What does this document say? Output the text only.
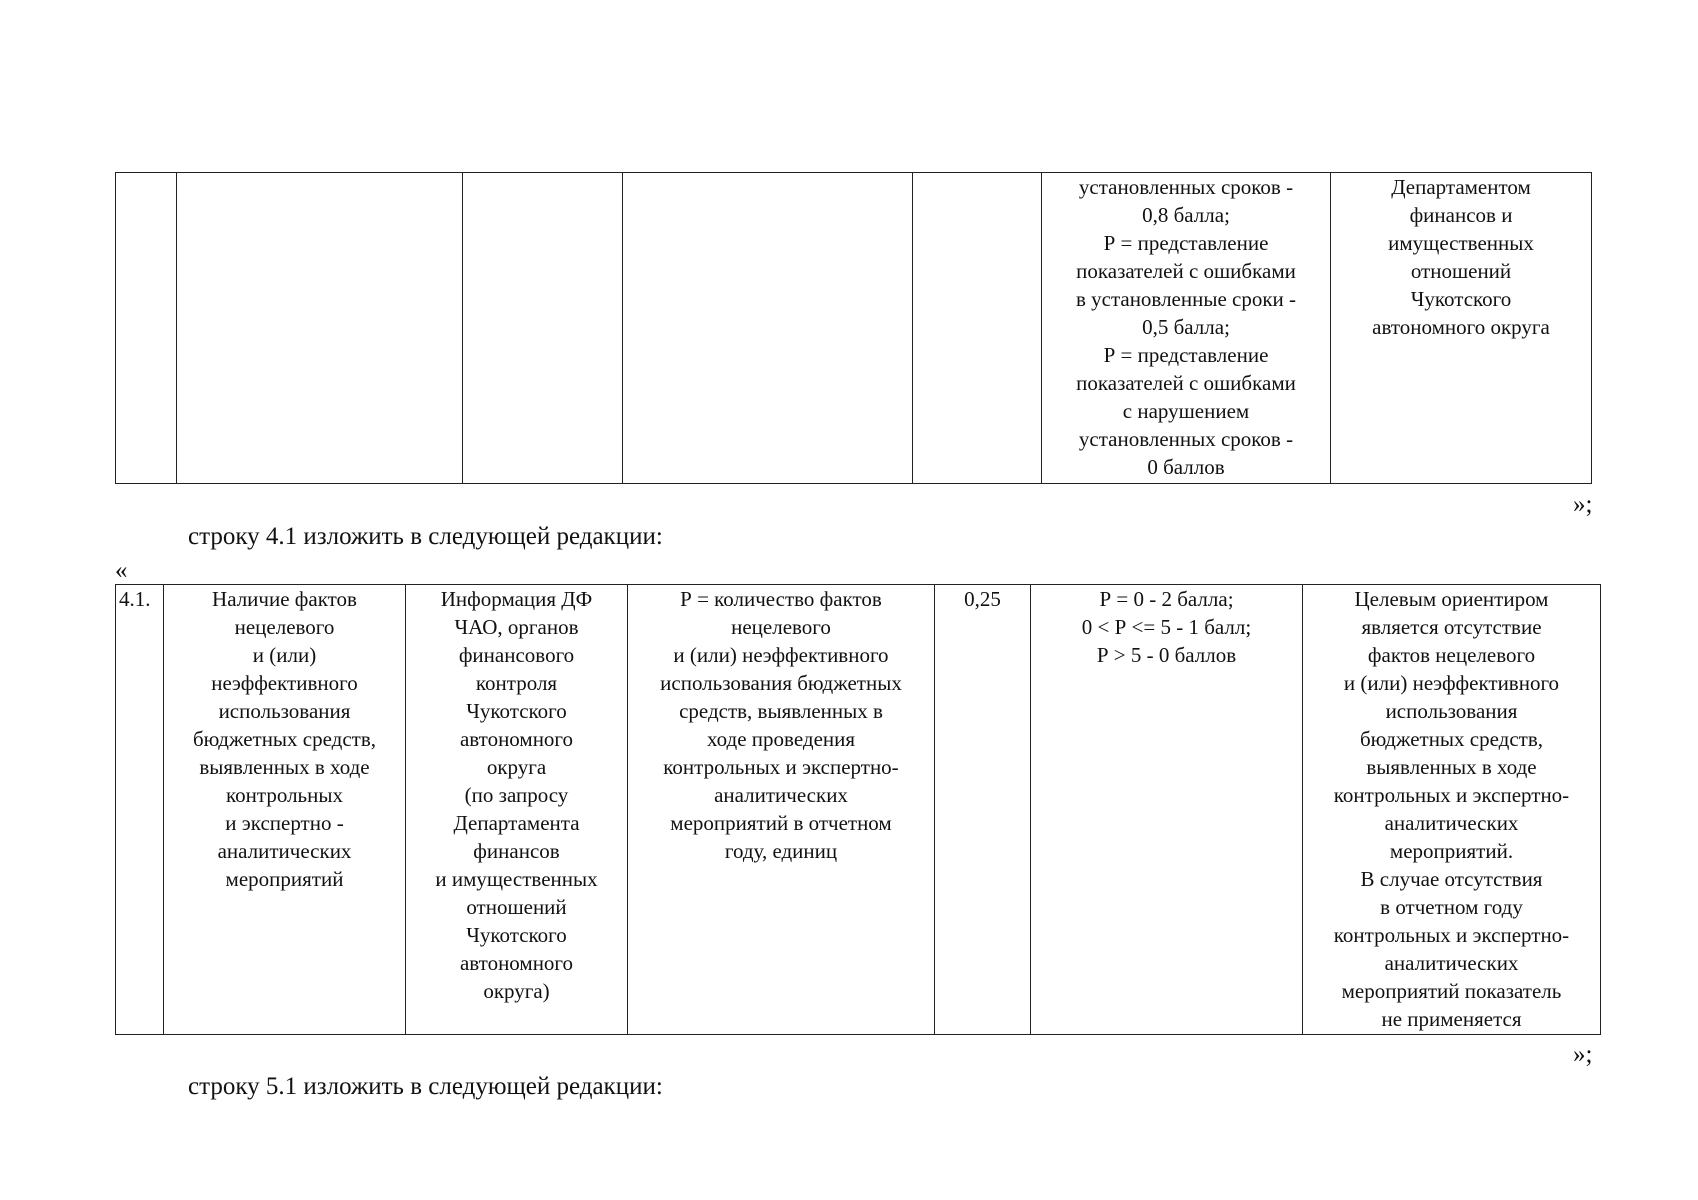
					установленных сроков -
0,8 балла;
Р = представление
показателей с ошибками
в установленные сроки -
0,5 балла;
Р = представление
показателей с ошибками
с нарушением
установленных сроков -
0 баллов	Департаментом
финансов и
имущественных
отношений
Чукотского
автономного округа
»;
строку 4.1 изложить в следующей редакции:
«
4.1.	Наличие фактов
нецелевого
и (или)
неэффективного
использования
бюджетных средств,
выявленных в ходе
контрольных
и экспертно -
аналитических
мероприятий	Информация ДФ
ЧАО, органов
финансового
контроля
Чукотского
автономного
округа
(по запросу
Департамента
финансов
и имущественных
отношений
Чукотского
автономного
округа)	Р = количество фактов
нецелевого
и (или) неэффективного
использования бюджетных
средств, выявленных в
ходе проведения
контрольных и экспертно-
аналитических
мероприятий в отчетном
году, единиц	0,25	Р = 0 - 2 балла;
0 < Р <= 5 - 1 балл;
Р > 5 - 0 баллов	Целевым ориентиром
является отсутствие
фактов нецелевого
и (или) неэффективного
использования
бюджетных средств,
выявленных в ходе
контрольных и экспертно-
аналитических
мероприятий.
В случае отсутствия
в отчетном году
контрольных и экспертно-
аналитических
мероприятий показатель
не применяется
»;
строку 5.1 изложить в следующей редакции:
